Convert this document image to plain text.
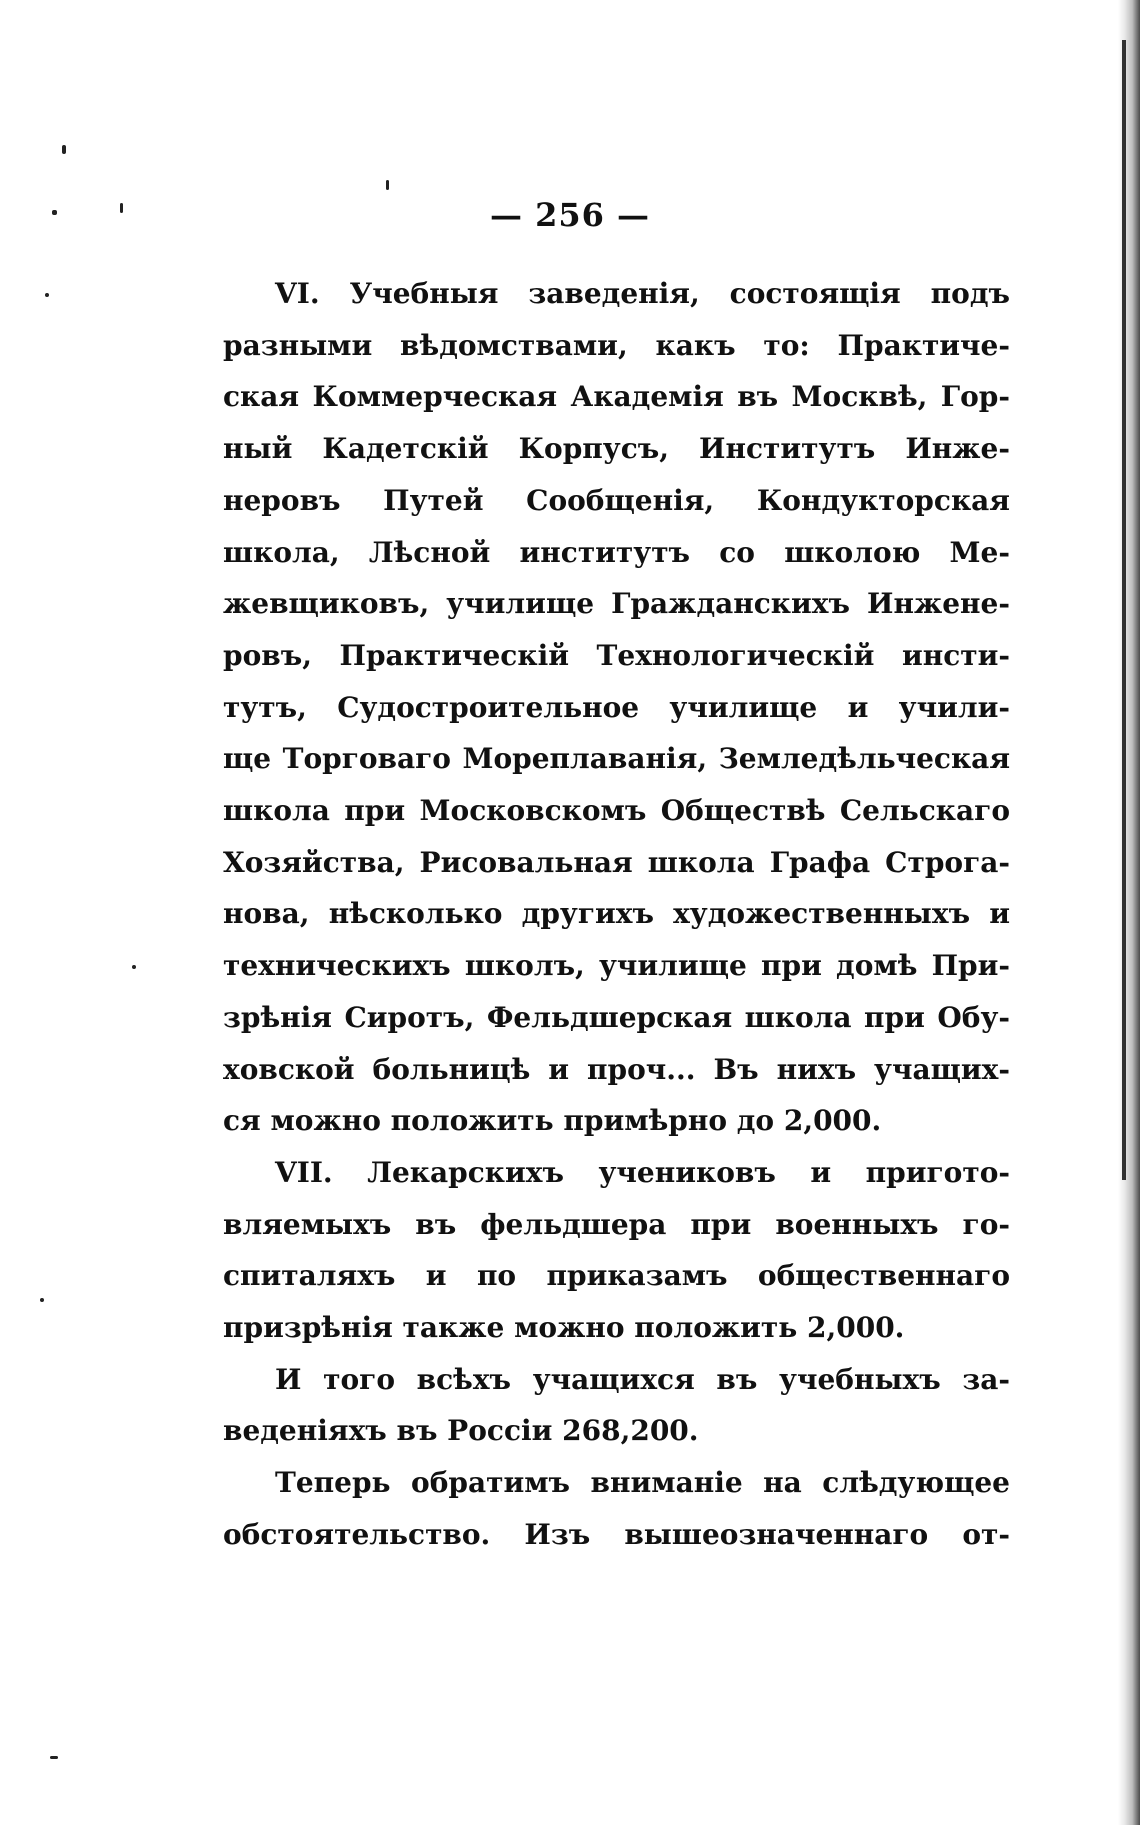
— 256 —
VI. Учебныя заведенія, состоящія подъ
разными вѣдомствами, какъ то: Практиче-
ская Коммерческая Академія въ Москвѣ, Гор-
ный Кадетскій Корпусъ, Институтъ Инже-
неровъ Путей Сообщенія, Кондукторская
школа, Лѣсной институтъ со школою Ме-
жевщиковъ, училище Гражданскихъ Инжене-
ровъ, Практическій Технологическій инсти-
тутъ, Судостроительное училище и учили-
ще Торговаго Мореплаванія, Земледѣльческая
школа при Московскомъ Обществѣ Сельскаго
Хозяйства, Рисовальная школа Графа Строга-
нова, нѣсколько другихъ художественныхъ и
техническихъ школъ, училище при домѣ При-
зрѣнія Сиротъ, Фельдшерская школа при Обу-
ховской больницѣ и проч... Въ нихъ учащих-
ся можно положить примѣрно до 2,000.
VII. Лекарскихъ учениковъ и пригото-
вляемыхъ въ фельдшера при военныхъ го-
спиталяхъ и по приказамъ общественнаго
призрѣнія также можно положить 2,000.
И того всѣхъ учащихся въ учебныхъ за-
веденіяхъ въ Россіи 268,200.
Теперь обратимъ вниманіе на слѣдующее
обстоятельство. Изъ вышеозначеннаго от-
